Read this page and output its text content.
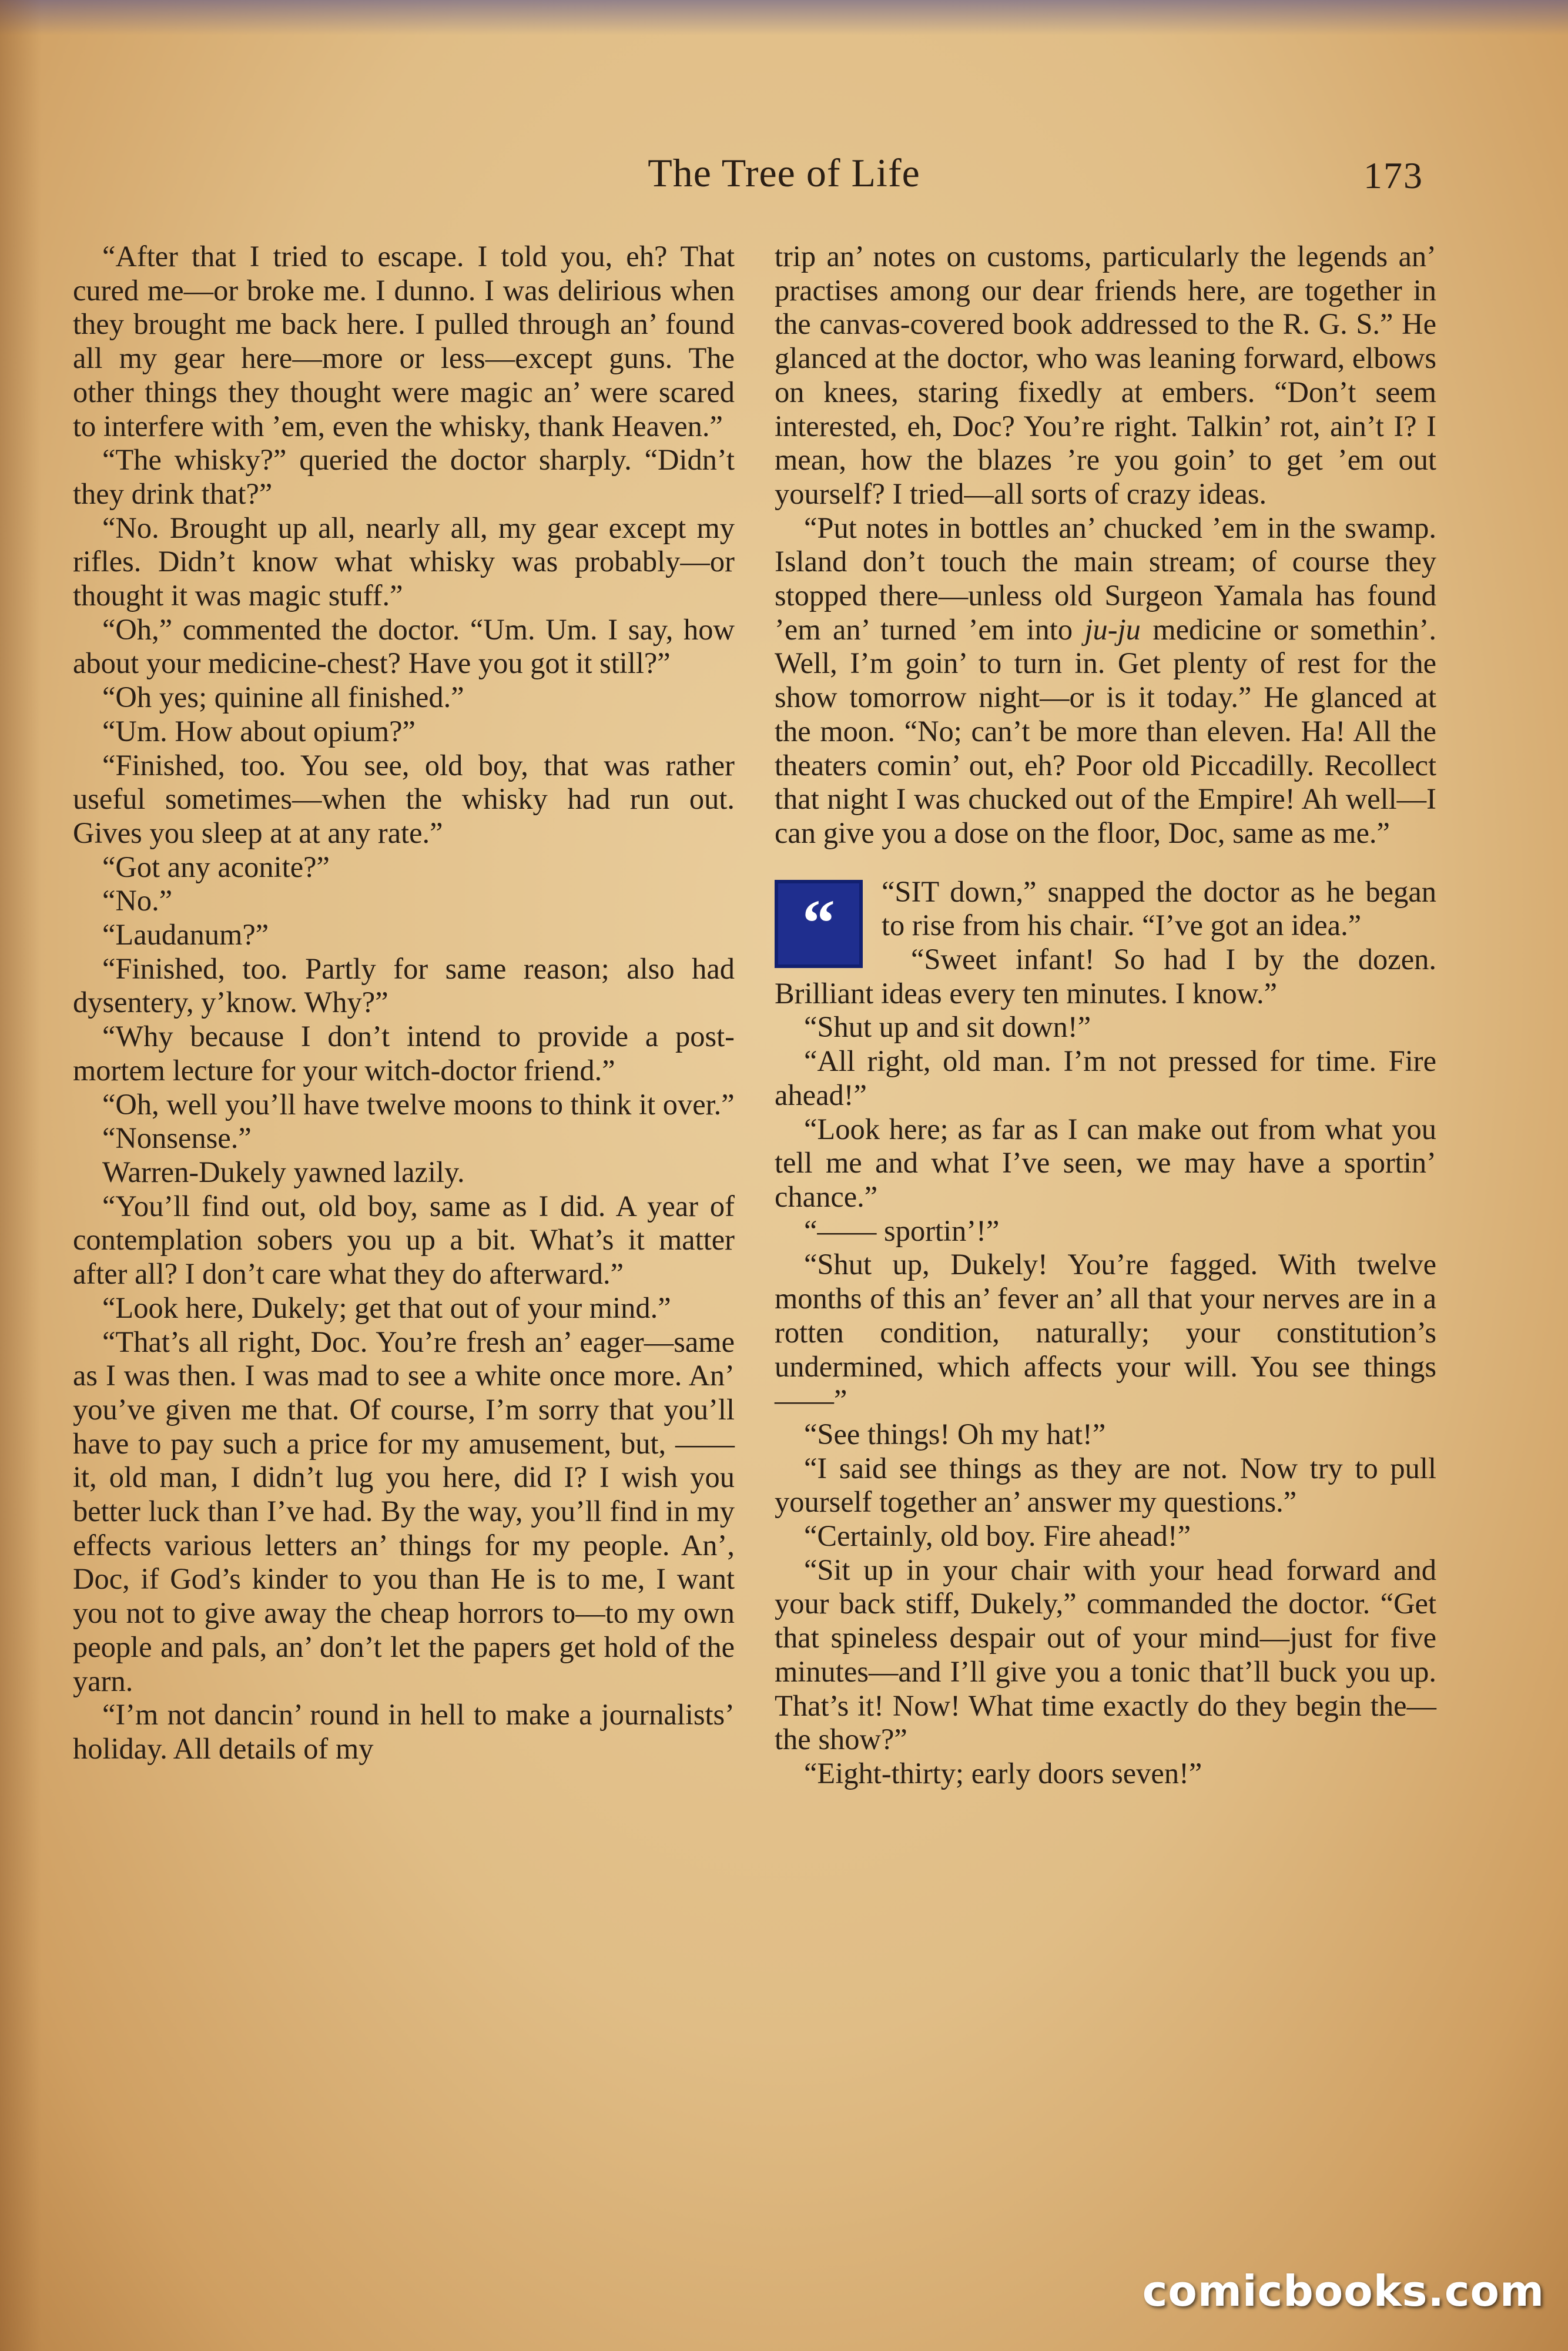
The Tree of Life	173

“After that I tried to escape. I told you, eh? That cured me—or broke me. I dunno. I was delirious when they brought me back here. I pulled through an’ found all my gear here—more or less—except guns. The other things they thought were magic an’ were scared to interfere with ’em, even the whisky, thank Heaven.”

“The whisky?” queried the doctor sharply. “Didn’t they drink that?”

“No. Brought up all, nearly all, my gear except my rifles. Didn’t know what whisky was probably—or thought it was magic stuff.”

“Oh,” commented the doctor. “Um. Um. I say, how about your medicine-chest? Have you got it still?”

“Oh yes; quinine all finished.”

“Um. How about opium?”

“Finished, too. You see, old boy, that was rather useful sometimes—when the whisky had run out. Gives you sleep at at any rate.”

“Got any aconite?”

“No.”

“Laudanum?”

“Finished, too. Partly for same reason; also had dysentery, y’know. Why?”

“Why because I don’t intend to provide a post-mortem lecture for your witch-doctor friend.”

“Oh, well you’ll have twelve moons to think it over.”

“Nonsense.”

Warren-Dukely yawned lazily.

“You’ll find out, old boy, same as I did. A year of contemplation sobers you up a bit. What’s it matter after all? I don’t care what they do afterward.”

“Look here, Dukely; get that out of your mind.”

“That’s all right, Doc. You’re fresh an’ eager—same as I was then. I was mad to see a white once more. An’ you’ve given me that. Of course, I’m sorry that you’ll have to pay such a price for my amusement, but, —— it, old man, I didn’t lug you here, did I? I wish you better luck than I’ve had. By the way, you’ll find in my effects various letters an’ things for my people. An’, Doc, if God’s kinder to you than He is to me, I want you not to give away the cheap horrors to—to my own people and pals, an’ don’t let the papers get hold of the yarn.

“I’m not dancin’ round in hell to make a journalists’ holiday. All details of my

trip an’ notes on customs, particularly the legends an’ practises among our dear friends here, are together in the canvas-covered book addressed to the R. G. S.” He glanced at the doctor, who was leaning forward, elbows on knees, staring fixedly at embers. “Don’t seem interested, eh, Doc? You’re right. Talkin’ rot, ain’t I? I mean, how the blazes ’re you goin’ to get ’em out yourself? I tried—all sorts of crazy ideas.

“Put notes in bottles an’ chucked ’em in the swamp. Island don’t touch the main stream; of course they stopped there—unless old Surgeon Yamala has found ’em an’ turned ’em into ju-ju medicine or somethin’. Well, I’m goin’ to turn in. Get plenty of rest for the show tomorrow night—or is it today.” He glanced at the moon. “No; can’t be more than eleven. Ha! All the theaters comin’ out, eh? Poor old Piccadilly. Recollect that night I was chucked out of the Empire! Ah well—I can give you a dose on the floor, Doc, same as me.”

“	“SIT down,” snapped the doctor as he began to rise from his chair. “I’ve got an idea.”

“Sweet infant! So had I by the dozen. Brilliant ideas every ten minutes. I know.”

“Shut up and sit down!”

“All right, old man. I’m not pressed for time. Fire ahead!”

“Look here; as far as I can make out from what you tell me and what I’ve seen, we may have a sportin’ chance.”

“—— sportin’!”

“Shut up, Dukely! You’re fagged. With twelve months of this an’ fever an’ all that your nerves are in a rotten condition, naturally; your constitution’s undermined, which affects your will. You see things——”

“See things! Oh my hat!”

“I said see things as they are not. Now try to pull yourself together an’ answer my questions.”

“Certainly, old boy. Fire ahead!”

“Sit up in your chair with your head forward and your back stiff, Dukely,” commanded the doctor. “Get that spineless despair out of your mind—just for five minutes—and I’ll give you a tonic that’ll buck you up. That’s it! Now! What time exactly do they begin the—the show?”

“Eight-thirty; early doors seven!”

comicbooks.com
